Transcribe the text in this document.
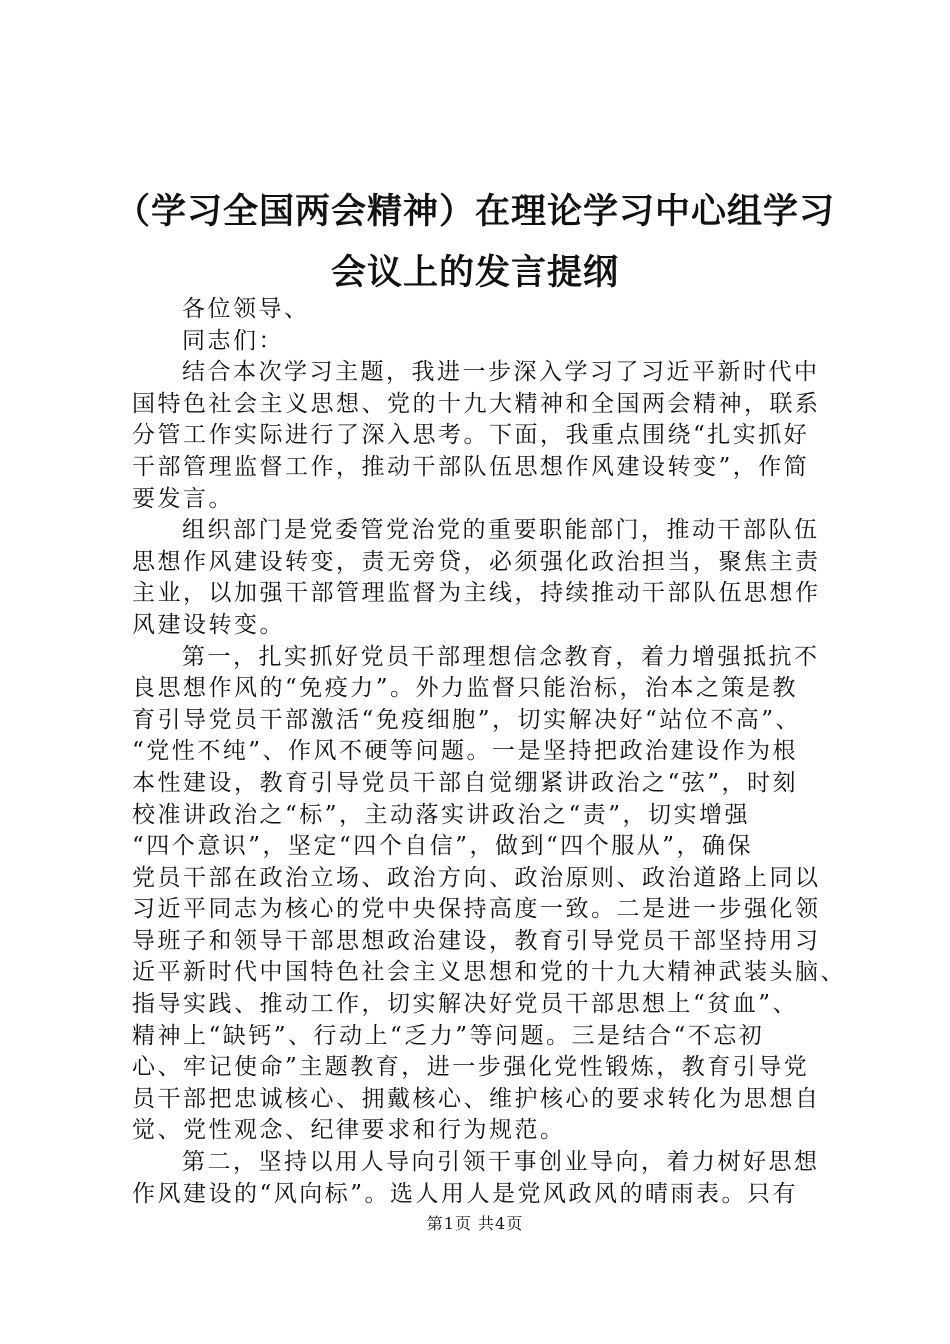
（学习全国两会精神）在理论学习中心组学习
会议上的发言提纲
各位领导、
同志们：
结合本次学习主题，我进一步深入学习了习近平新时代中
国特色社会主义思想、党的十九大精神和全国两会精神，联系
分管工作实际进行了深入思考。下面，我重点围绕“扎实抓好
干部管理监督工作，推动干部队伍思想作风建设转变”，作简
要发言。
组织部门是党委管党治党的重要职能部门，推动干部队伍
思想作风建设转变，责无旁贷，必须强化政治担当，聚焦主责
主业，以加强干部管理监督为主线，持续推动干部队伍思想作
风建设转变。
第一，扎实抓好党员干部理想信念教育，着力增强抵抗不
良思想作风的“免疫力”。外力监督只能治标，治本之策是教
育引导党员干部激活“免疫细胞”，切实解决好“站位不高”、
“党性不纯”、作风不硬等问题。一是坚持把政治建设作为根
本性建设，教育引导党员干部自觉绷紧讲政治之“弦”，时刻
校准讲政治之“标”，主动落实讲政治之“责”，切实增强
“四个意识”，坚定“四个自信”，做到“四个服从”，确保
党员干部在政治立场、政治方向、政治原则、政治道路上同以
习近平同志为核心的党中央保持高度一致。二是进一步强化领
导班子和领导干部思想政治建设，教育引导党员干部坚持用习
近平新时代中国特色社会主义思想和党的十九大精神武装头脑、
指导实践、推动工作，切实解决好党员干部思想上“贫血”、
精神上“缺钙”、行动上“乏力”等问题。三是结合“不忘初
心、牢记使命”主题教育，进一步强化党性锻炼，教育引导党
员干部把忠诚核心、拥戴核心、维护核心的要求转化为思想自
觉、党性观念、纪律要求和行为规范。
第二，坚持以用人导向引领干事创业导向，着力树好思想
作风建设的“风向标”。选人用人是党风政风的晴雨表。只有
第1页 共4页
